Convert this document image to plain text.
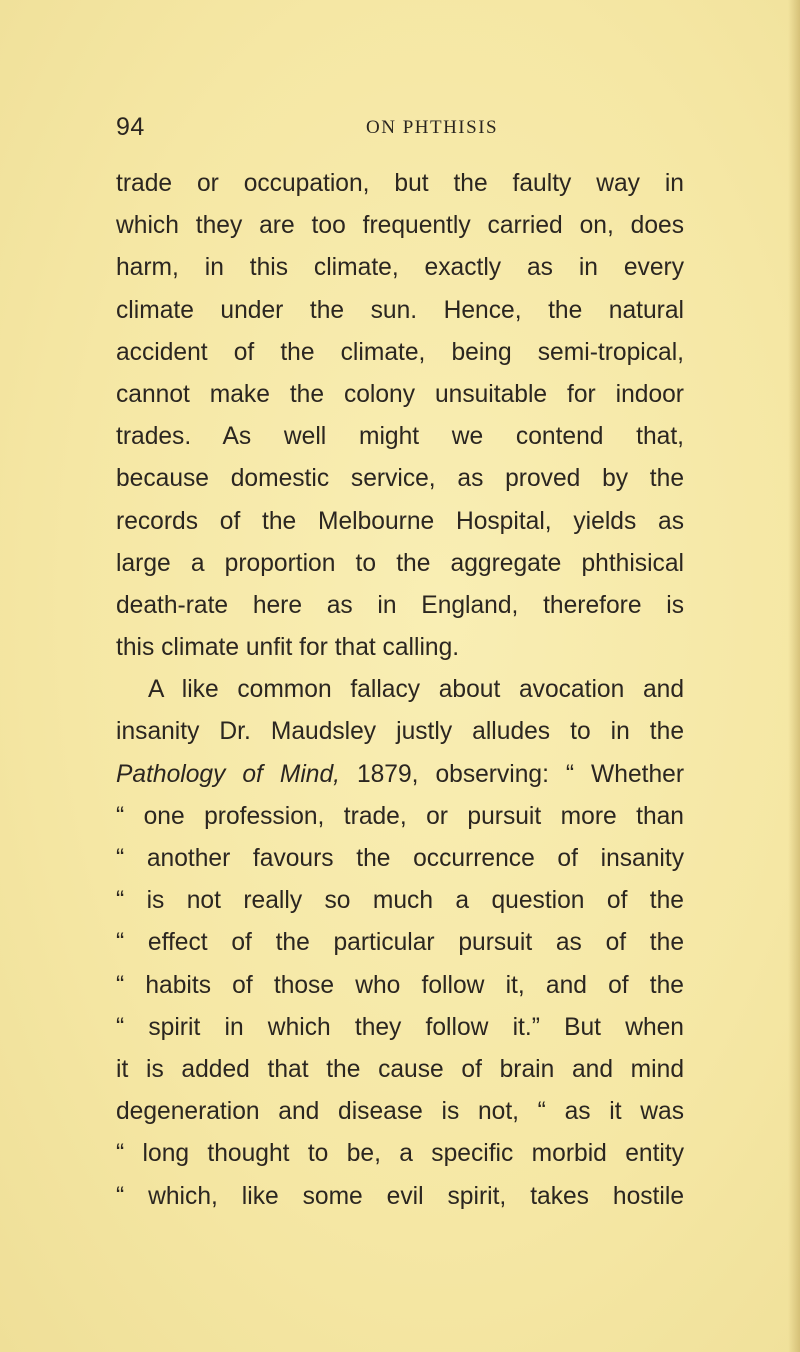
94	ON PHTHISIS
trade or occupation, but the faulty way in
which they are too frequently carried on, does
harm, in this climate, exactly as in every
climate under the sun. Hence, the natural
accident of the climate, being semi-tropical,
cannot make the colony unsuitable for indoor
trades. As well might we contend that,
because domestic service, as proved by the
records of the Melbourne Hospital, yields as
large a proportion to the aggregate phthisical
death-rate here as in England, therefore is
this climate unfit for that calling.
A like common fallacy about avocation and
insanity Dr. Maudsley justly alludes to in the
Pathology of Mind, 1879, observing: “ Whether
“ one profession, trade, or pursuit more than
“ another favours the occurrence of insanity
“ is not really so much a question of the
“ effect of the particular pursuit as of the
“ habits of those who follow it, and of the
“ spirit in which they follow it.” But when
it is added that the cause of brain and mind
degeneration and disease is not, “ as it was
“ long thought to be, a specific morbid entity
“ which, like some evil spirit, takes hostile
